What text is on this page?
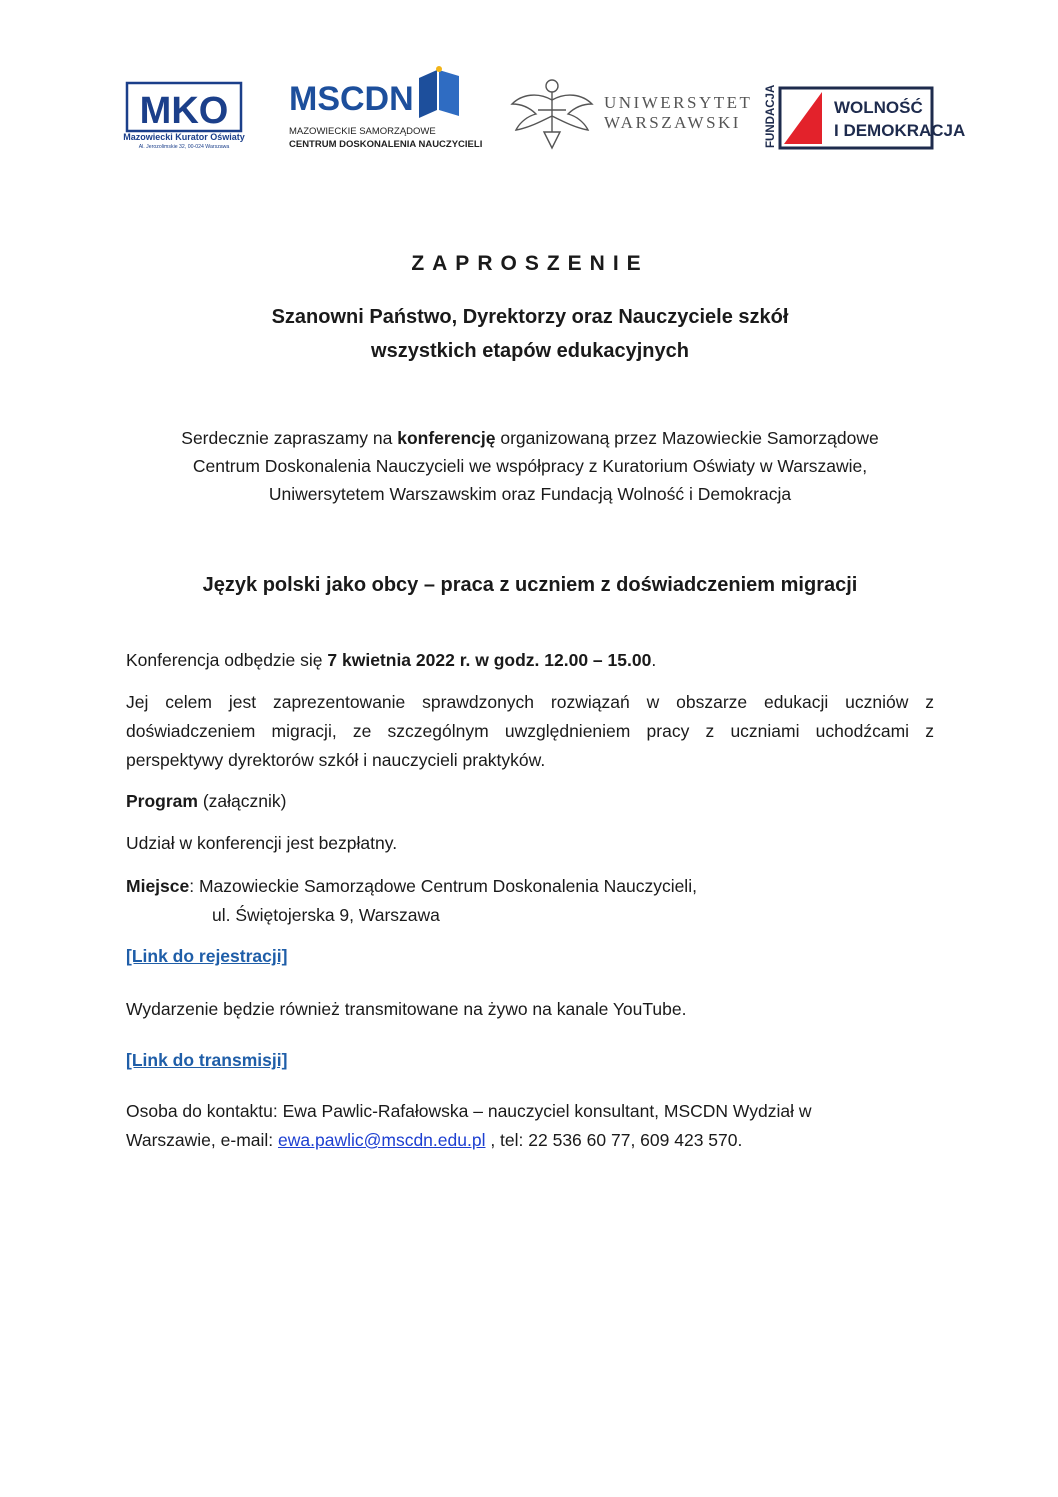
MKO
Mazowiecki Kurator Oświaty
Al. Jerozolimskie 32, 00-024 Warszawa
MSCDN
MAZOWIECKIE SAMORZĄDOWE
CENTRUM DOSKONALENIA NAUCZYCIELI
UNIWERSYTET
WARSZAWSKI FUNDACJA	WOLNOŚĆ
I DEMOKRACJA
ZAPROSZENIE
Szanowni Państwo, Dyrektorzy oraz Nauczyciele szkół
wszystkich etapów edukacyjnych
Serdecznie zapraszamy na konferencję organizowaną przez Mazowieckie Samorządowe
Centrum Doskonalenia Nauczycieli we współpracy z Kuratorium Oświaty w Warszawie,
Uniwersytetem Warszawskim oraz Fundacją Wolność i Demokracja
Język polski jako obcy – praca z uczniem z doświadczeniem migracji
Konferencja odbędzie się 7 kwietnia 2022 r. w godz. 12.00 – 15.00.
Jej celem jest zaprezentowanie sprawdzonych rozwiązań w obszarze edukacji uczniów z doświadczeniem migracji, ze szczególnym uwzględnieniem pracy z uczniami uchodźcami z perspektywy dyrektorów szkół i nauczycieli praktyków.
Program (załącznik)
Udział w konferencji jest bezpłatny.
Miejsce: Mazowieckie Samorządowe Centrum Doskonalenia Nauczycieli,
ul. Świętojerska 9, Warszawa
[Link do rejestracji]
Wydarzenie będzie również transmitowane na żywo na kanale YouTube.
[Link do transmisji]
Osoba do kontaktu: Ewa Pawlic-Rafałowska – nauczyciel konsultant, MSCDN Wydział w
Warszawie, e-mail: ewa.pawlic@mscdn.edu.pl , tel: 22 536 60 77, 609 423 570.
